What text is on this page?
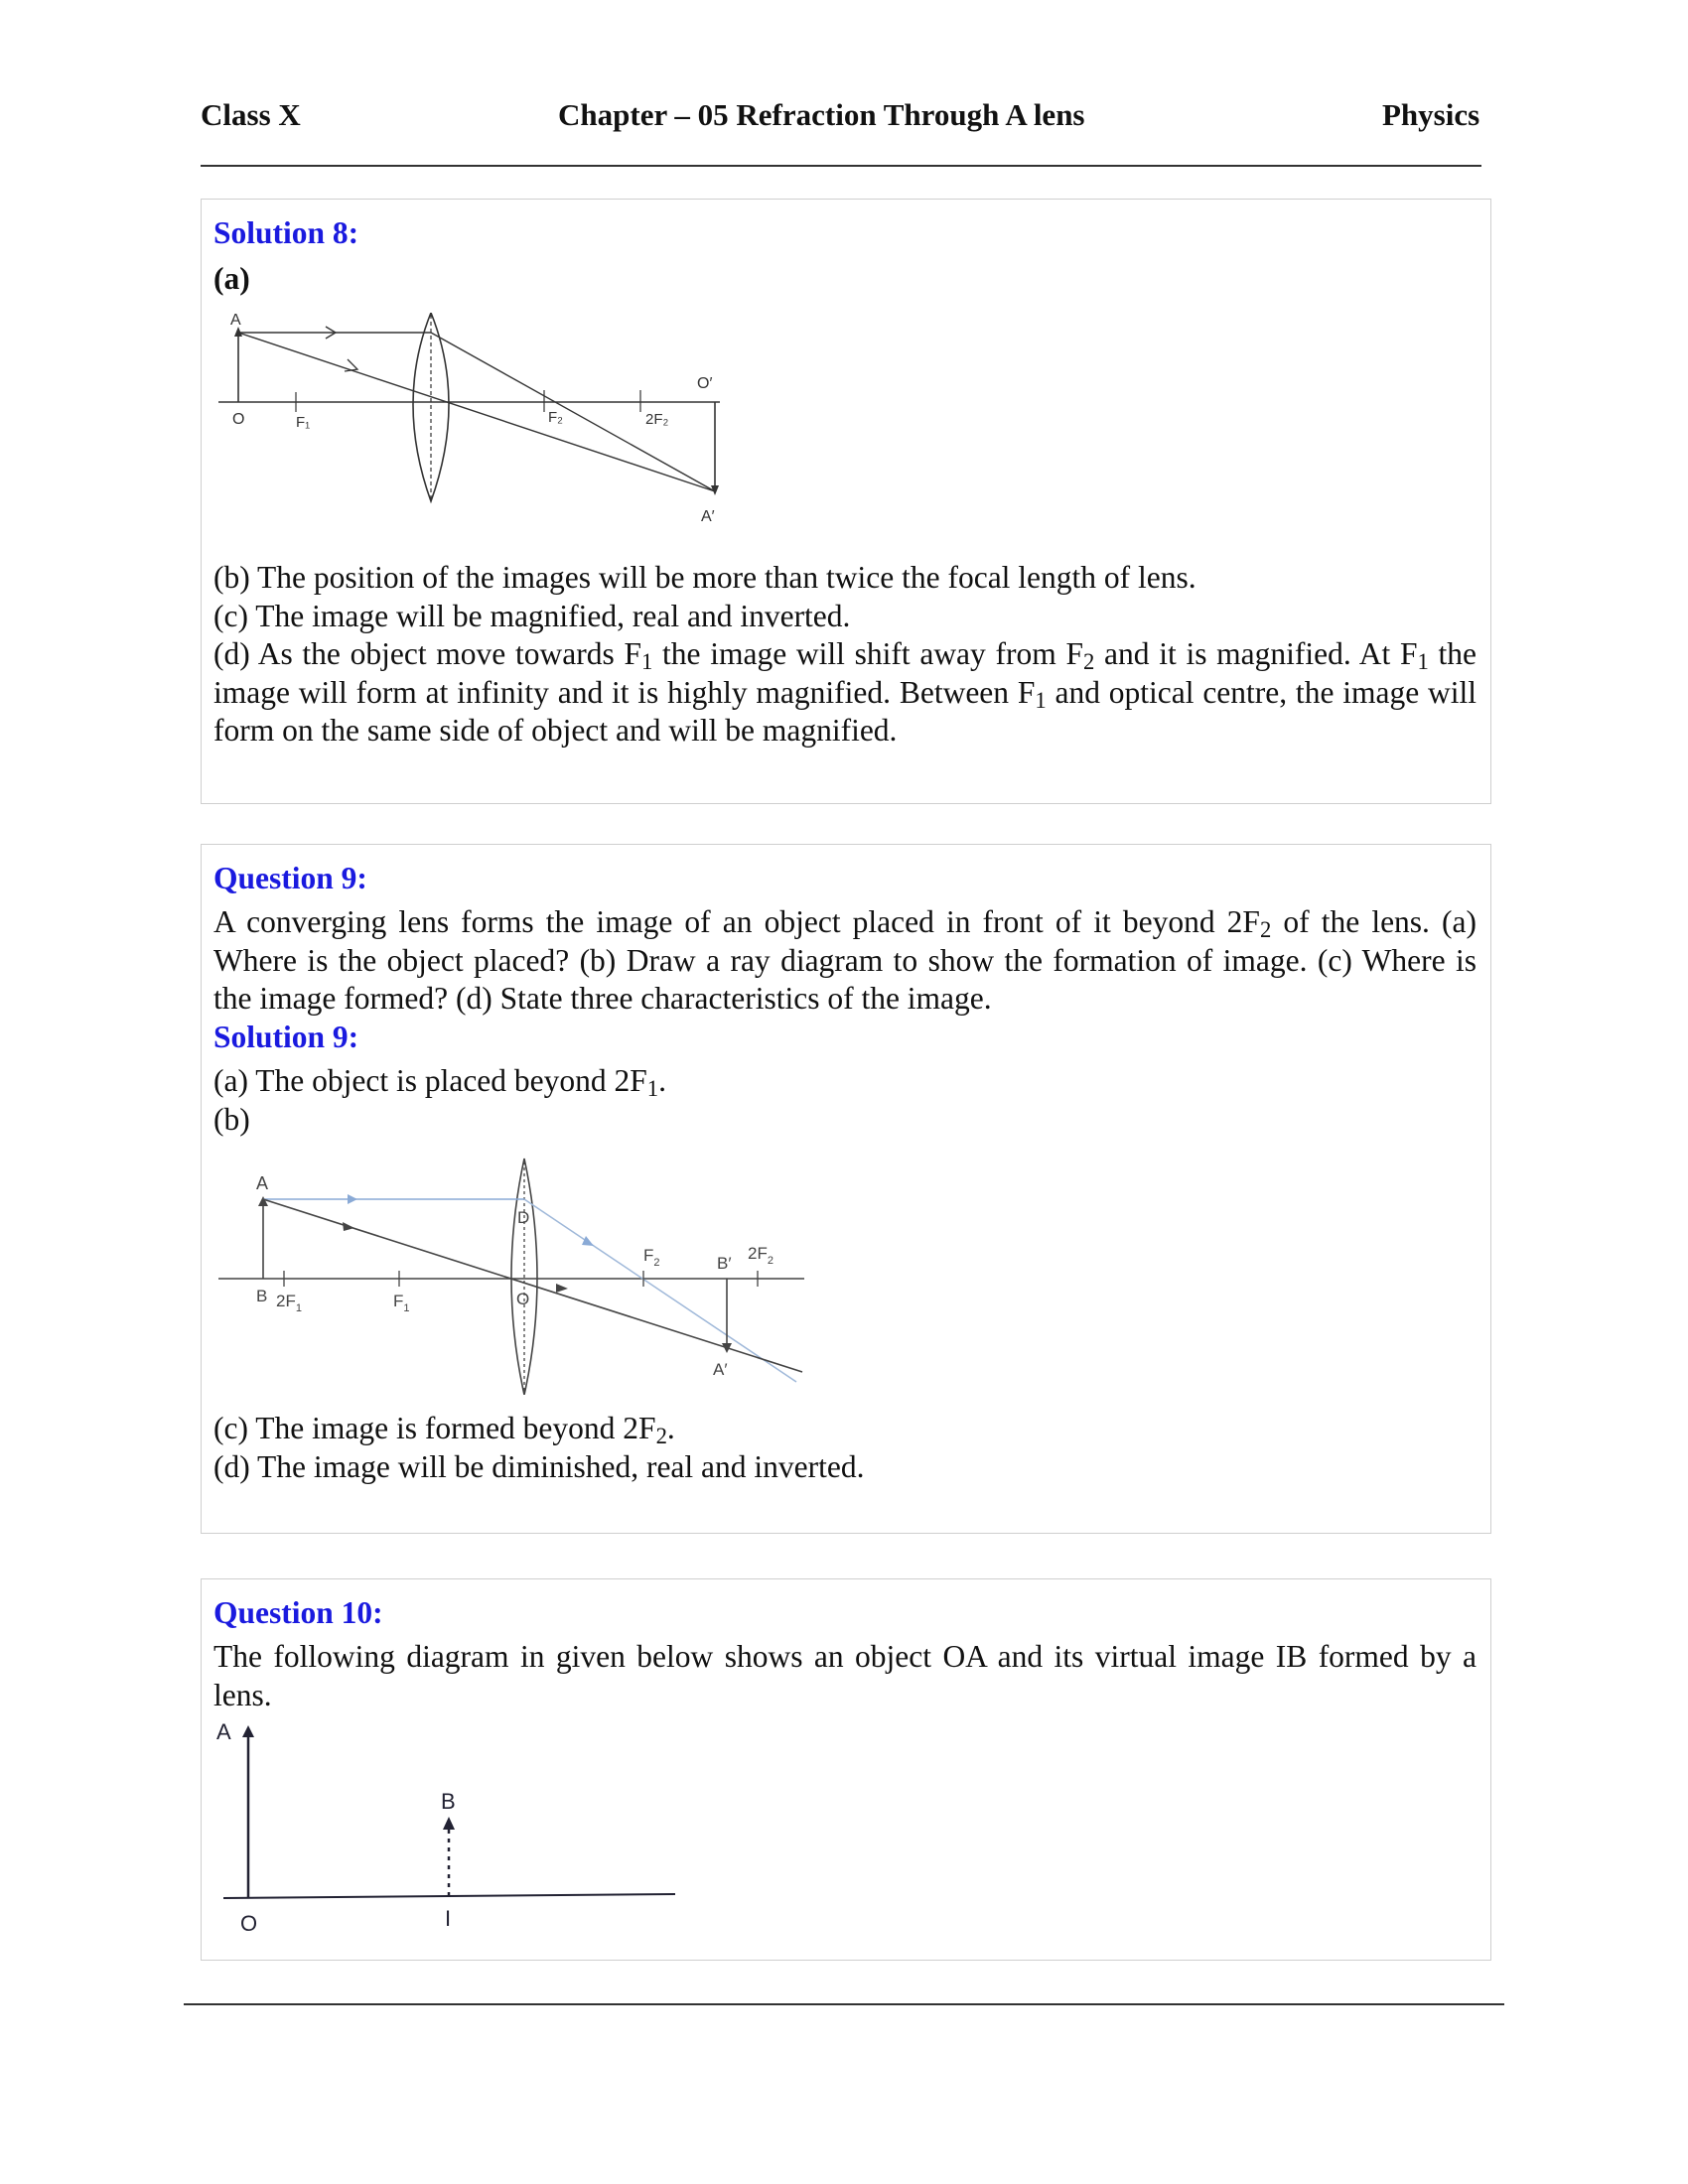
Class X	Chapter – 05 Refraction Through A lens	Physics
Solution 8:
(a)
A
O	F₁	F₂	2F₂
O′
A′
(b) The position of the images will be more than twice the focal length of lens.
(c) The image will be magnified, real and inverted.
(d) As the object move towards $F_1$ the image will shift away from $F_2$ and it is magnified. At $F_1$ the image will form at infinity and it is highly magnified. Between $F_1$ and optical centre, the image will form on the same side of object and will be magnified.
Question 9:
A converging lens forms the image of an object placed in front of it beyond $2F_2$ of the lens. (a) Where is the object placed? (b) Draw a ray diagram to show the formation of image. (c) Where is the image formed? (d) State three characteristics of the image.
Solution 9:
(a) The object is placed beyond $2F_1$.
(b)
A
B $2F_1$	$F_1$	O
D
$F_2$	B′
$2F_2$
A′
(c) The image is formed beyond $2F_2$.
(d) The image will be diminished, real and inverted.
Question 10:
The following diagram in given below shows an object OA and its virtual image IB formed by a lens.
A
O
B
I
